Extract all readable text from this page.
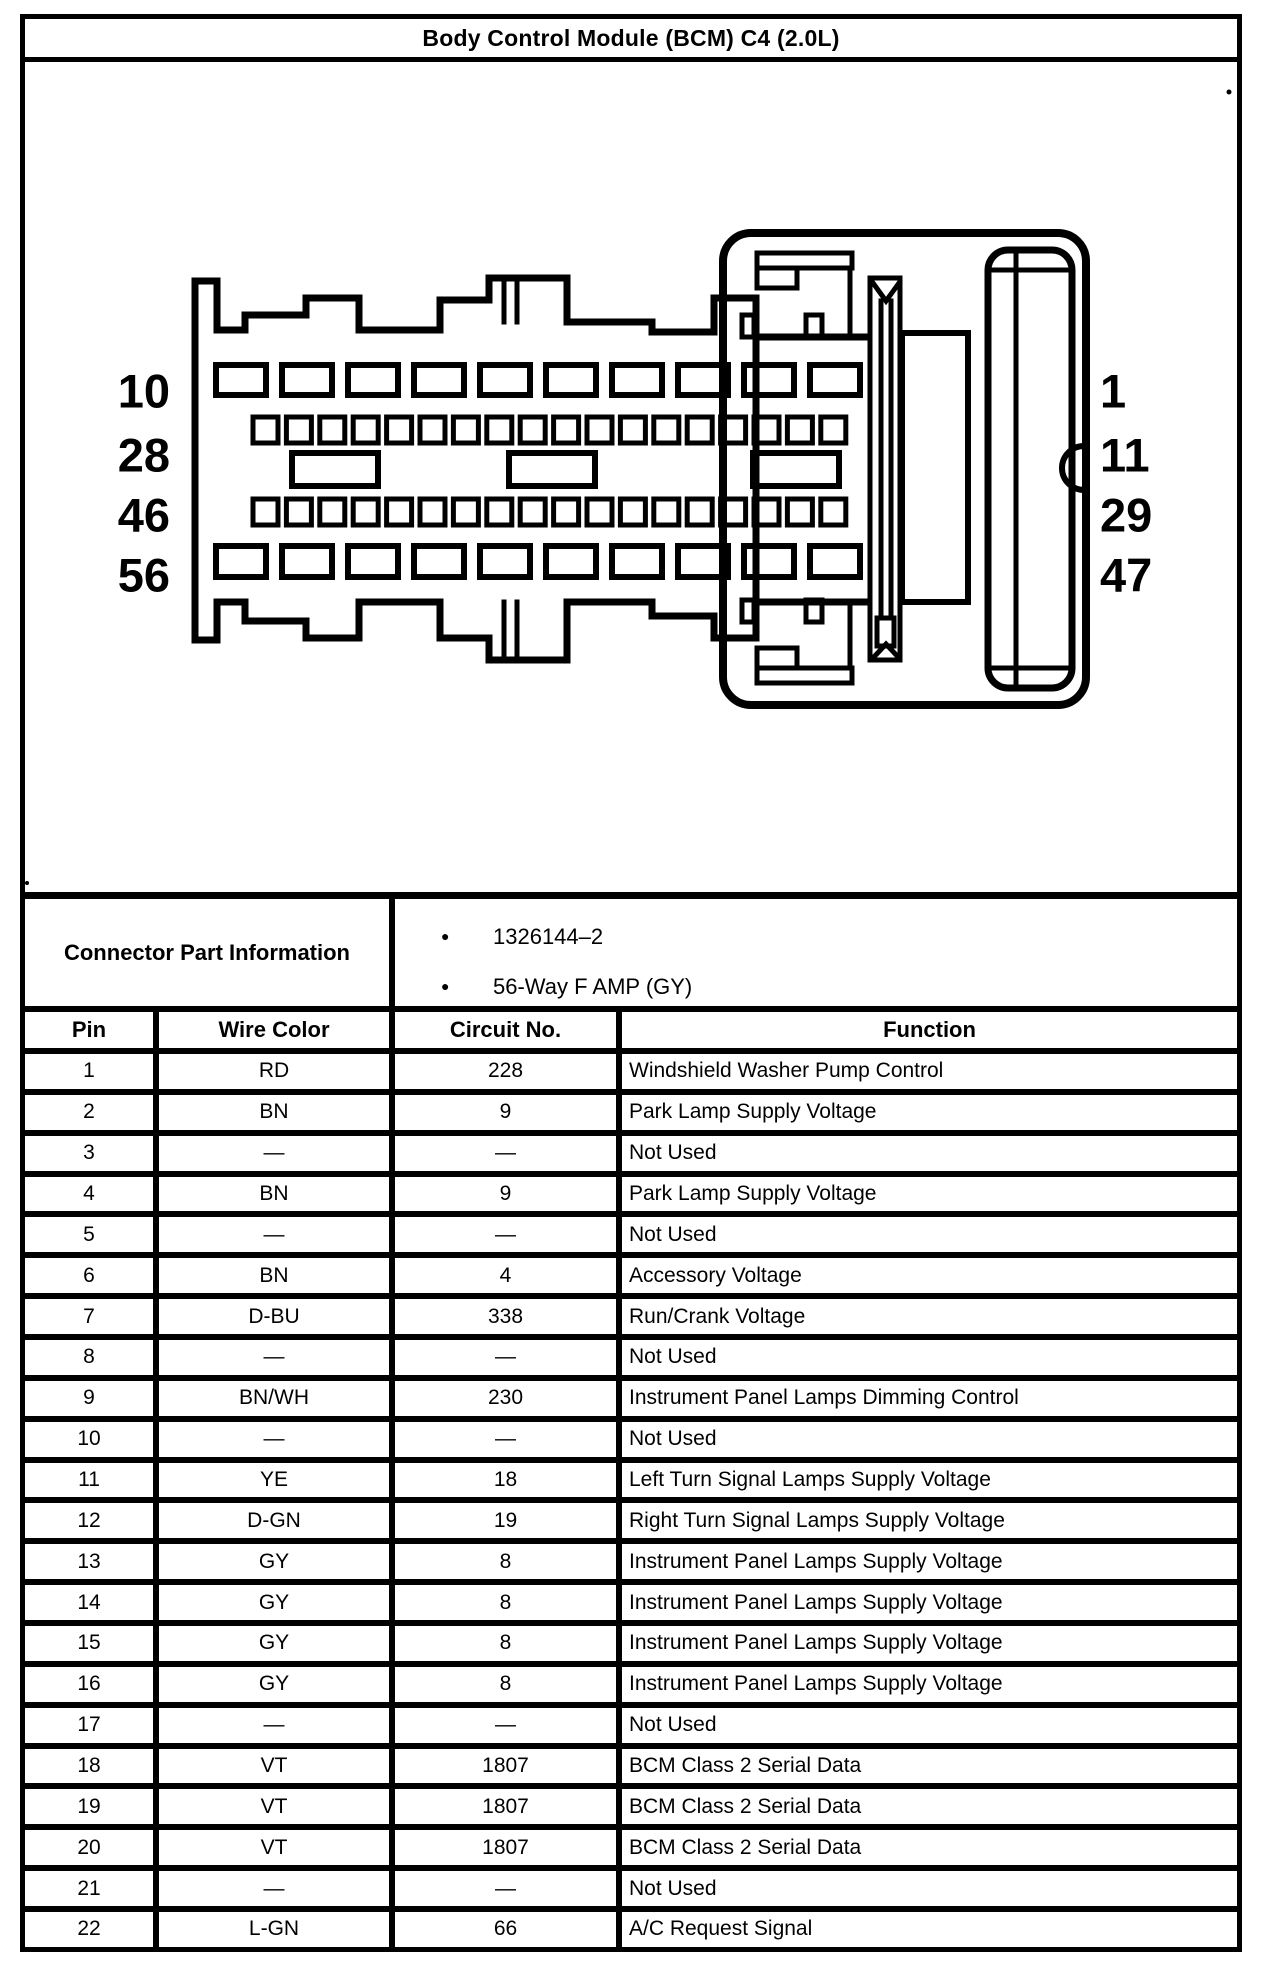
Body Control Module (BCM) C4 (2.0L)
10
28
46
56
1
11
29
47
Connector Part Information
●	1326144–2
●	56-Way F AMP (GY)
Pin	Wire Color	Circuit No.	Function
1	RD	228	Windshield Washer Pump Control
2	BN	9	Park Lamp Supply Voltage
3	—	—	Not Used
4	BN	9	Park Lamp Supply Voltage
5	—	—	Not Used
6	BN	4	Accessory Voltage
7	D-BU	338	Run/Crank Voltage
8	—	—	Not Used
9	BN/WH	230	Instrument Panel Lamps Dimming Control
10	—	—	Not Used
11	YE	18	Left Turn Signal Lamps Supply Voltage
12	D-GN	19	Right Turn Signal Lamps Supply Voltage
13	GY	8	Instrument Panel Lamps Supply Voltage
14	GY	8	Instrument Panel Lamps Supply Voltage
15	GY	8	Instrument Panel Lamps Supply Voltage
16	GY	8	Instrument Panel Lamps Supply Voltage
17	—	—	Not Used
18	VT	1807	BCM Class 2 Serial Data
19	VT	1807	BCM Class 2 Serial Data
20	VT	1807	BCM Class 2 Serial Data
21	—	—	Not Used
22	L-GN	66	A/C Request Signal
